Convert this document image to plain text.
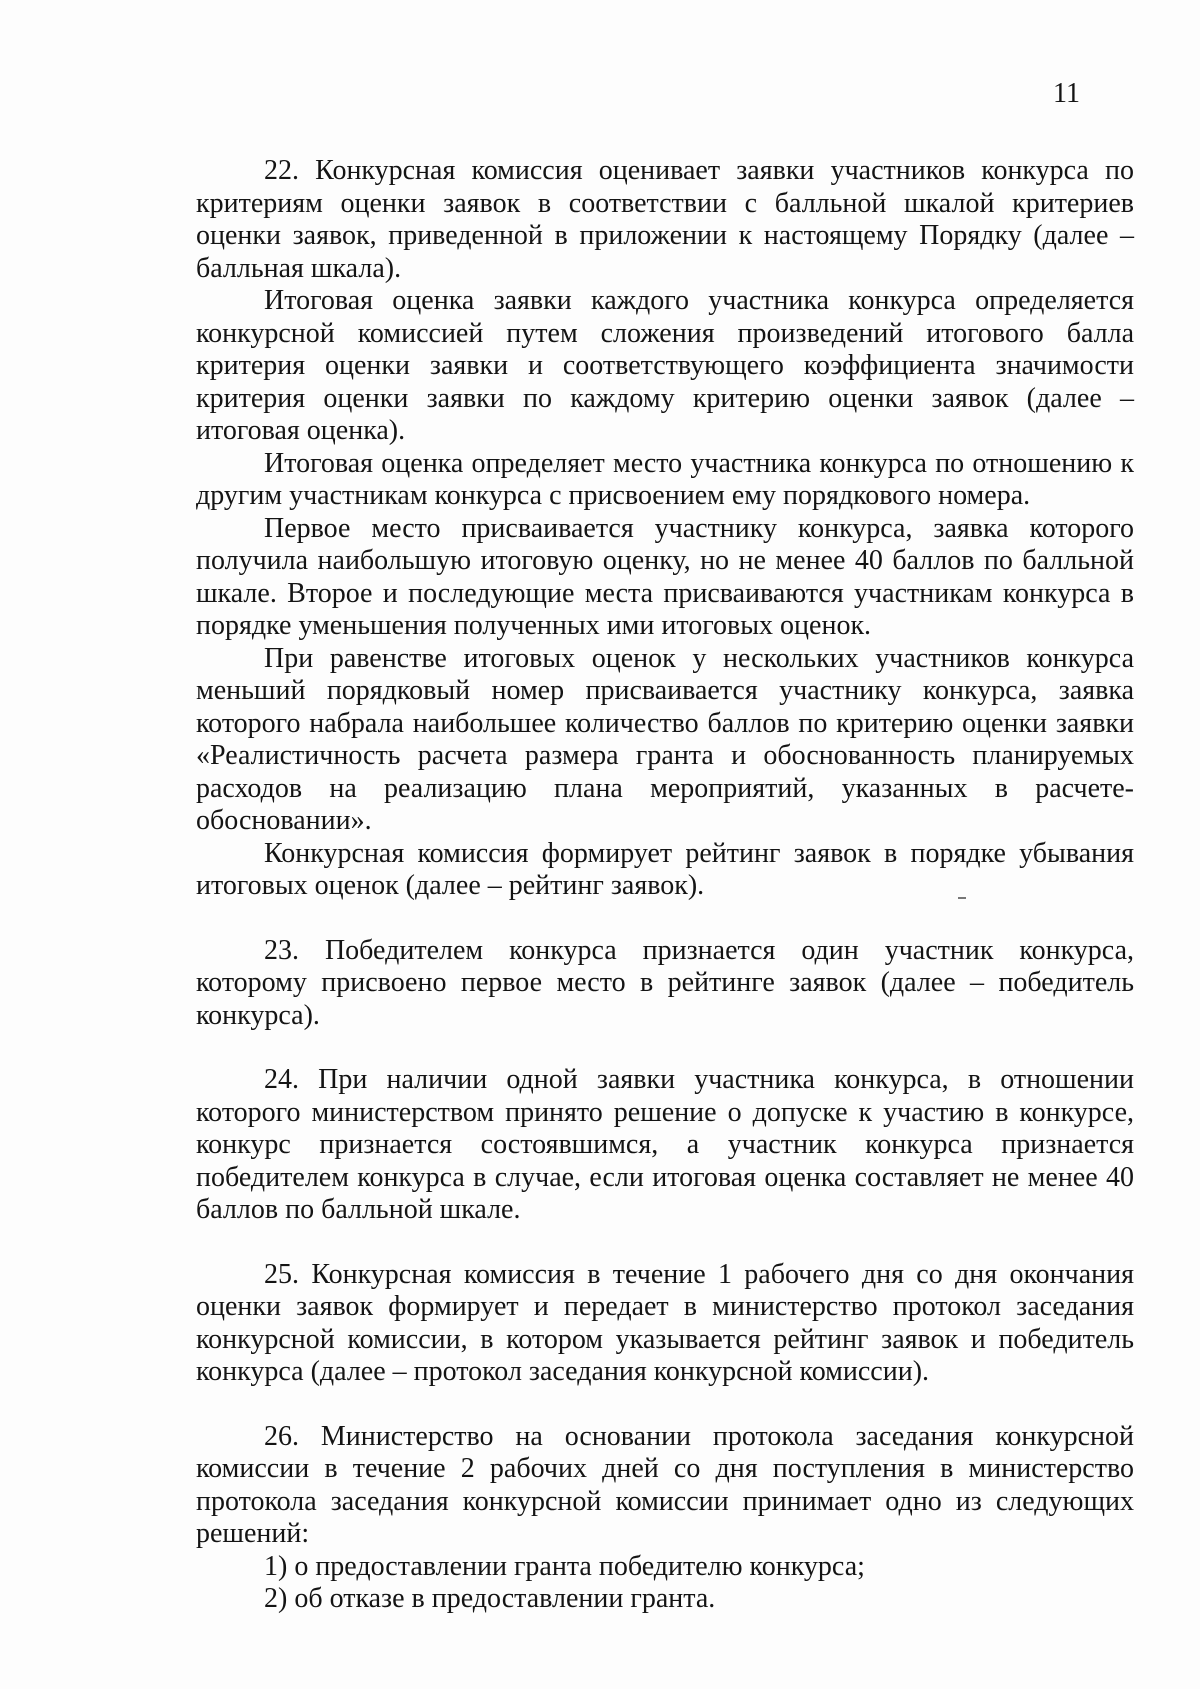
11

22. Конкурсная комиссия оценивает заявки участников конкурса по критериям оценки заявок в соответствии с балльной шкалой критериев оценки заявок, приведенной в приложении к настоящему Порядку (далее – балльная шкала).

Итоговая оценка заявки каждого участника конкурса определяется конкурсной комиссией путем сложения произведений итогового балла критерия оценки заявки и соответствующего коэффициента значимости критерия оценки заявки по каждому критерию оценки заявок (далее – итоговая оценка).

Итоговая оценка определяет место участника конкурса по отношению к другим участникам конкурса с присвоением ему порядкового номера.

Первое место присваивается участнику конкурса, заявка которого получила наибольшую итоговую оценку, но не менее 40 баллов по балльной шкале. Второе и последующие места присваиваются участникам конкурса в порядке уменьшения полученных ими итоговых оценок.

При равенстве итоговых оценок у нескольких участников конкурса меньший порядковый номер присваивается участнику конкурса, заявка которого набрала наибольшее количество баллов по критерию оценки заявки «Реалистичность расчета размера гранта и обоснованность планируемых расходов на реализацию плана мероприятий, указанных в расчете-обосновании».

Конкурсная комиссия формирует рейтинг заявок в порядке убывания итоговых оценок (далее – рейтинг заявок).

23. Победителем конкурса признается один участник конкурса, которому присвоено первое место в рейтинге заявок (далее – победитель конкурса).

24. При наличии одной заявки участника конкурса, в отношении которого министерством принято решение о допуске к участию в конкурсе, конкурс признается состоявшимся, а участник конкурса признается победителем конкурса в случае, если итоговая оценка составляет не менее 40 баллов по балльной шкале.

25. Конкурсная комиссия в течение 1 рабочего дня со дня окончания оценки заявок формирует и передает в министерство протокол заседания конкурсной комиссии, в котором указывается рейтинг заявок и победитель конкурса (далее – протокол заседания конкурсной комиссии).

26. Министерство на основании протокола заседания конкурсной комиссии в течение 2 рабочих дней со дня поступления в министерство протокола заседания конкурсной комиссии принимает одно из следующих решений:

1) о предоставлении гранта победителю конкурса;

2) об отказе в предоставлении гранта.
